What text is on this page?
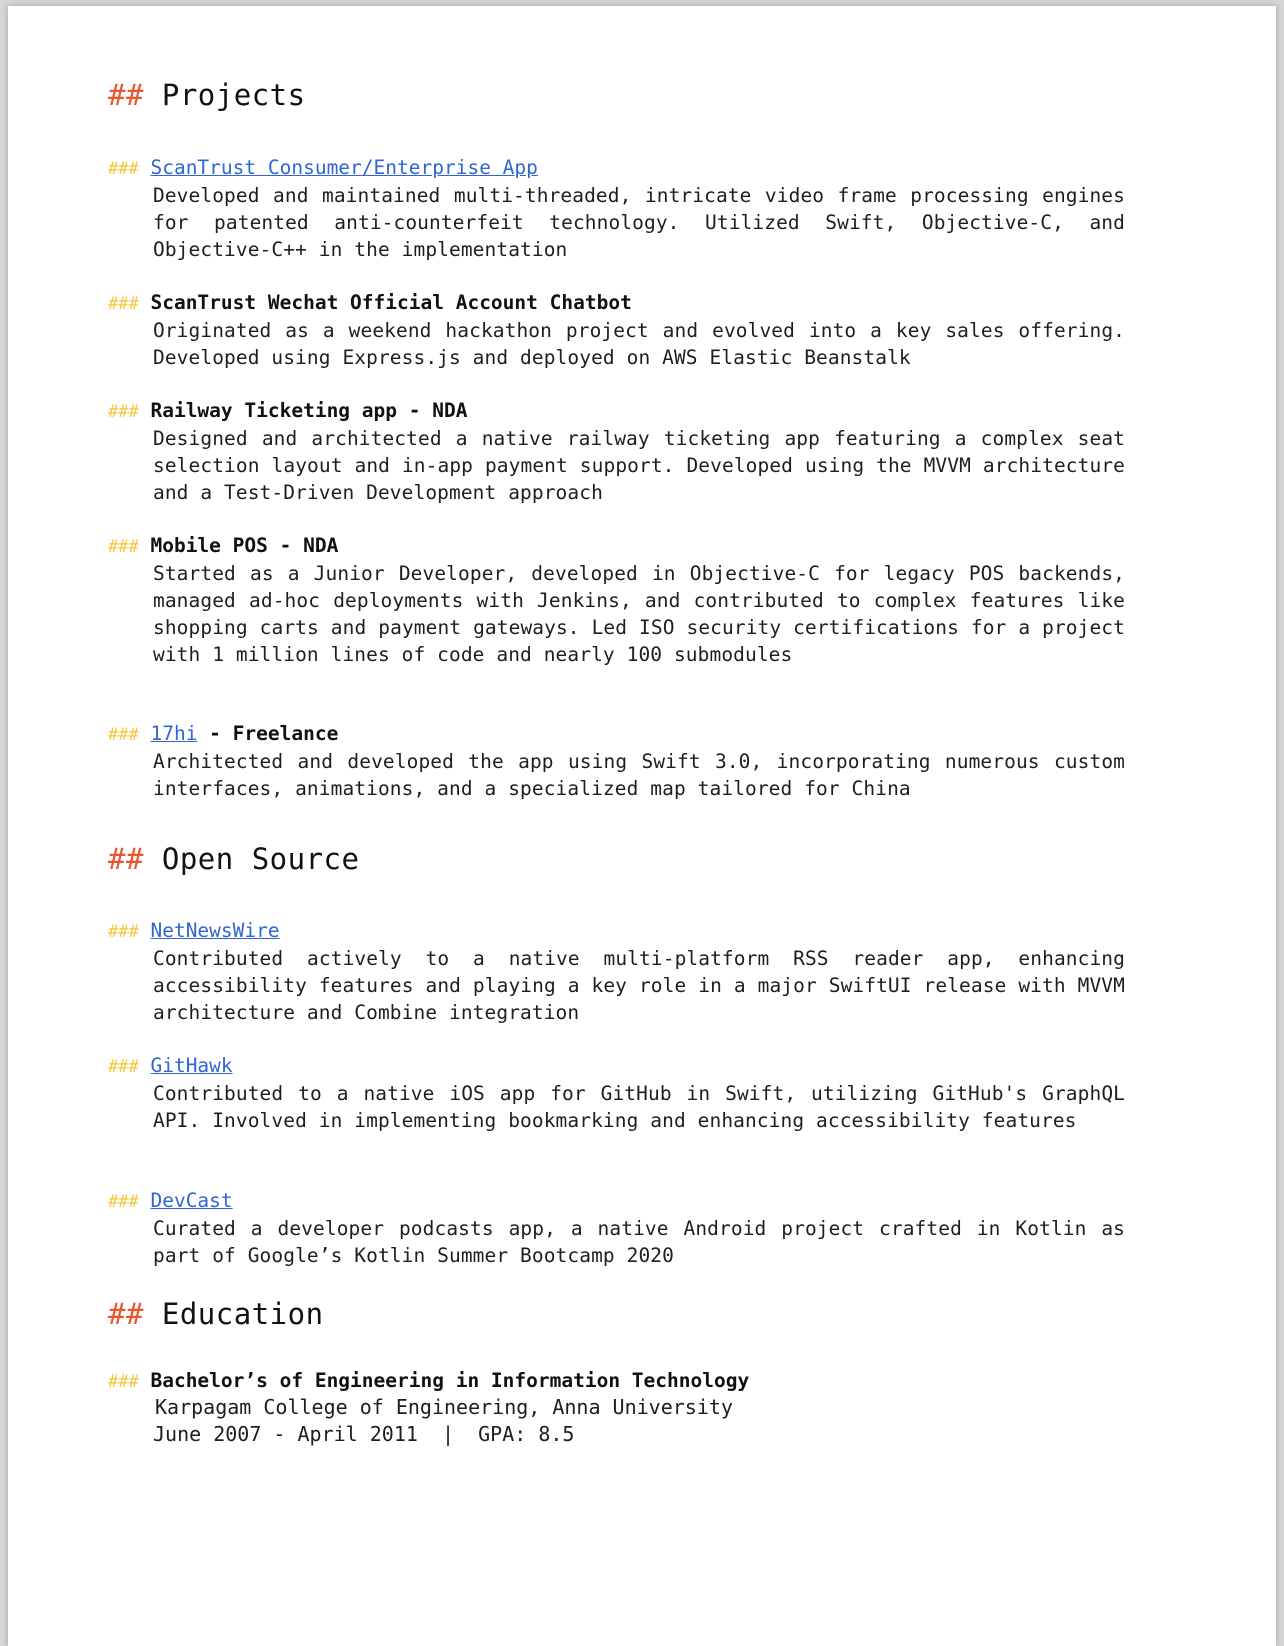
## Projects
### ScanTrust Consumer/Enterprise App
Developed and maintained multi-threaded, intricate video frame processing engines for patented anti-counterfeit technology. Utilized Swift, Objective-C, and Objective-C++ in the implementation
### ScanTrust Wechat Official Account Chatbot
Originated as a weekend hackathon project and evolved into a key sales offering. Developed using Express.js and deployed on AWS Elastic Beanstalk
### Railway Ticketing app - NDA
Designed and architected a native railway ticketing app featuring a complex seat selection layout and in-app payment support. Developed using the MVVM architecture and a Test-Driven Development approach
### Mobile POS - NDA
Started as a Junior Developer, developed in Objective-C for legacy POS backends, managed ad-hoc deployments with Jenkins, and contributed to complex features like shopping carts and payment gateways. Led ISO security certifications for a project with 1 million lines of code and nearly 100 submodules
### 17hi - Freelance
Architected and developed the app using Swift 3.0, incorporating numerous custom interfaces, animations, and a specialized map tailored for China
## Open Source
### NetNewsWire
Contributed actively to a native multi-platform RSS reader app, enhancing accessibility features and playing a key role in a major SwiftUI release with MVVM architecture and Combine integration
### GitHawk
Contributed to a native iOS app for GitHub in Swift, utilizing GitHub's GraphQL API. Involved in implementing bookmarking and enhancing accessibility features
### DevCast
Curated a developer podcasts app, a native Android project crafted in Kotlin as part of Google’s Kotlin Summer Bootcamp 2020
## Education
### Bachelor’s of Engineering in Information Technology
Karpagam College of Engineering, Anna University
June 2007 - April 2011 | GPA: 8.5
